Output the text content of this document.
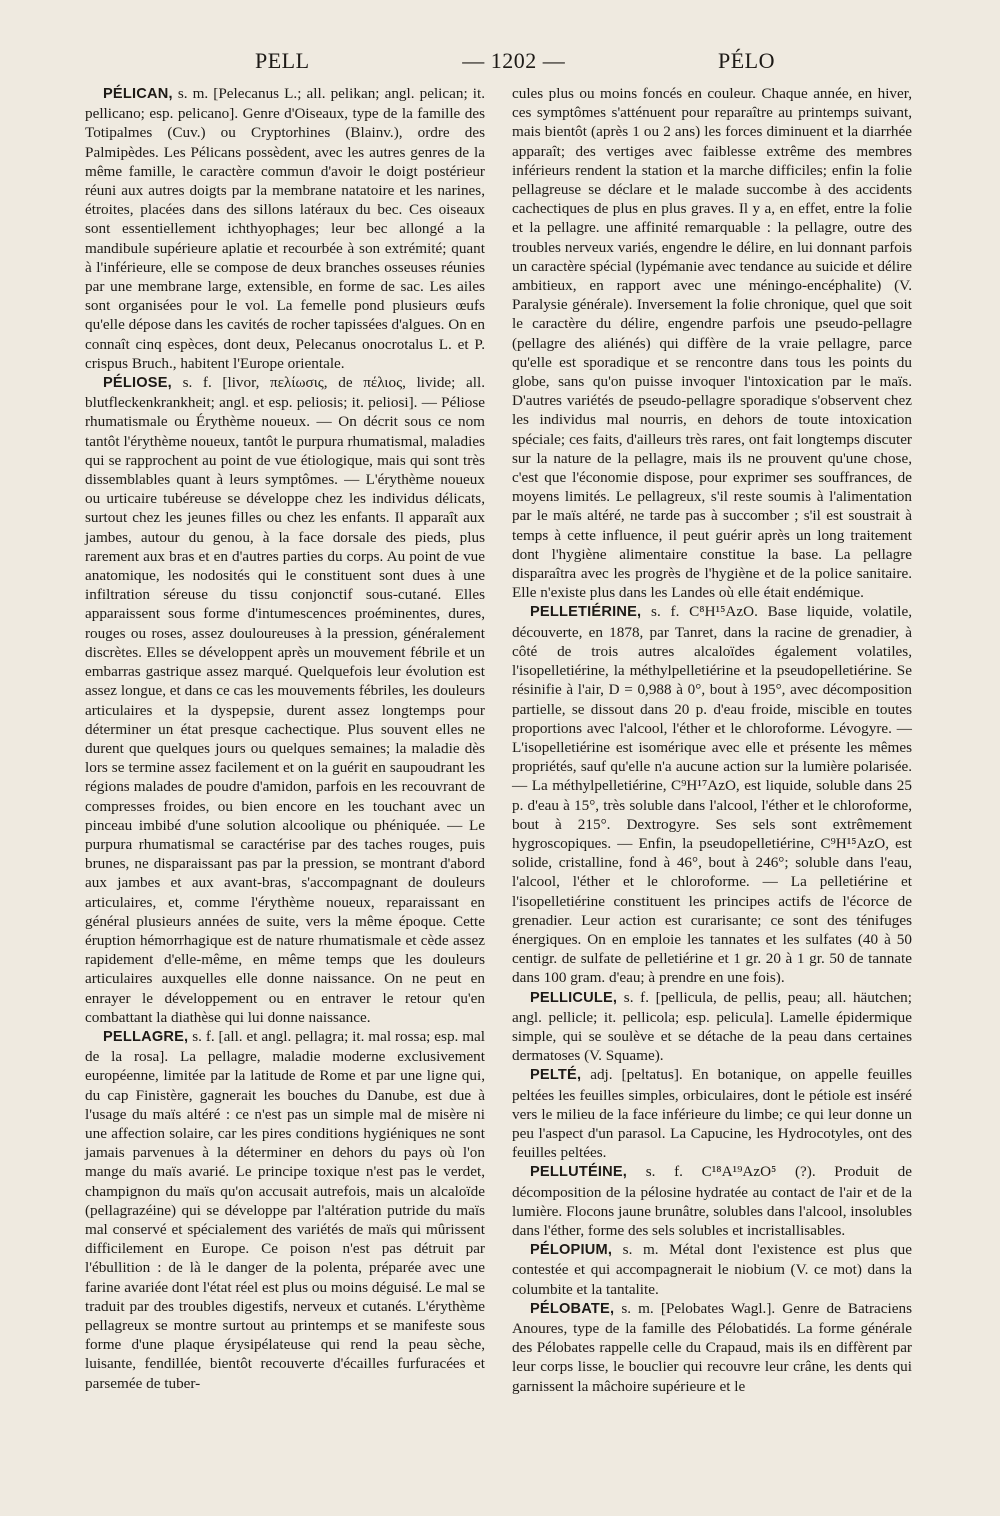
PELL	— 1202 —	PÉLO

PÉLICAN, s. m. [Pelecanus L.; all. pelikan; angl. pelican; it. pellicano; esp. pelicano]. Genre d'Oiseaux, type de la famille des Totipalmes (Cuv.) ou Cryptorhines (Blainv.), ordre des Palmipèdes. Les Pélicans possèdent, avec les autres genres de la même famille, le caractère commun d'avoir le doigt postérieur réuni aux autres doigts par la membrane natatoire et les narines, étroites, placées dans des sillons latéraux du bec. Ces oiseaux sont essentiellement ichthyophages; leur bec allongé a la mandibule supérieure aplatie et recourbée à son extrémité; quant à l'inférieure, elle se compose de deux branches osseuses réunies par une membrane large, extensible, en forme de sac. Les ailes sont organisées pour le vol. La femelle pond plusieurs œufs qu'elle dépose dans les cavités de rocher tapissées d'algues. On en connaît cinq espèces, dont deux, Pelecanus onocrotalus L. et P. crispus Bruch., habitent l'Europe orientale.

PÉLIOSE, s. f. [livor, πελίωσις, de πέλιος, livide; all. blutfleckenkrankheit; angl. et esp. peliosis; it. peliosi]. — Péliose rhumatismale ou Érythème noueux. — On décrit sous ce nom tantôt l'érythème noueux, tantôt le purpura rhumatismal, maladies qui se rapprochent au point de vue étiologique, mais qui sont très dissemblables quant à leurs symptômes. — L'érythème noueux ou urticaire tubéreuse se développe chez les individus délicats, surtout chez les jeunes filles ou chez les enfants. Il apparaît aux jambes, autour du genou, à la face dorsale des pieds, plus rarement aux bras et en d'autres parties du corps. Au point de vue anatomique, les nodosités qui le constituent sont dues à une infiltration séreuse du tissu conjonctif sous-cutané. Elles apparaissent sous forme d'intumescences proéminentes, dures, rouges ou roses, assez douloureuses à la pression, généralement discrètes. Elles se développent après un mouvement fébrile et un embarras gastrique assez marqué. Quelquefois leur évolution est assez longue, et dans ce cas les mouvements fébriles, les douleurs articulaires et la dyspepsie, durent assez longtemps pour déterminer un état presque cachectique. Plus souvent elles ne durent que quelques jours ou quelques semaines; la maladie dès lors se termine assez facilement et on la guérit en saupoudrant les régions malades de poudre d'amidon, parfois en les recouvrant de compresses froides, ou bien encore en les touchant avec un pinceau imbibé d'une solution alcoolique ou phéniquée. — Le purpura rhumatismal se caractérise par des taches rouges, puis brunes, ne disparaissant pas par la pression, se montrant d'abord aux jambes et aux avant-bras, s'accompagnant de douleurs articulaires, et, comme l'érythème noueux, reparaissant en général plusieurs années de suite, vers la même époque. Cette éruption hémorrhagique est de nature rhumatismale et cède assez rapidement d'elle-même, en même temps que les douleurs articulaires auxquelles elle donne naissance. On ne peut en enrayer le développement ou en entraver le retour qu'en combattant la diathèse qui lui donne naissance.

PELLAGRE, s. f. [all. et angl. pellagra; it. mal rossa; esp. mal de la rosa]. La pellagre, maladie moderne exclusivement européenne, limitée par la latitude de Rome et par une ligne qui, du cap Finistère, gagnerait les bouches du Danube, est due à l'usage du maïs altéré : ce n'est pas un simple mal de misère ni une affection solaire, car les pires conditions hygiéniques ne sont jamais parvenues à la déterminer en dehors du pays où l'on mange du maïs avarié. Le principe toxique n'est pas le verdet, champignon du maïs qu'on accusait autrefois, mais un alcaloïde (pellagrazéine) qui se développe par l'altération putride du maïs mal conservé et spécialement des variétés de maïs qui mûrissent difficilement en Europe. Ce poison n'est pas détruit par l'ébullition : de là le danger de la polenta, préparée avec une farine avariée dont l'état réel est plus ou moins déguisé. Le mal se traduit par des troubles digestifs, nerveux et cutanés. L'érythème pellagreux se montre surtout au printemps et se manifeste sous forme d'une plaque érysipélateuse qui rend la peau sèche, luisante, fendillée, bientôt recouverte d'écailles furfuracées et parsemée de tuber-

cules plus ou moins foncés en couleur. Chaque année, en hiver, ces symptômes s'atténuent pour reparaître au printemps suivant, mais bientôt (après 1 ou 2 ans) les forces diminuent et la diarrhée apparaît; des vertiges avec faiblesse extrême des membres inférieurs rendent la station et la marche difficiles; enfin la folie pellagreuse se déclare et le malade succombe à des accidents cachectiques de plus en plus graves. Il y a, en effet, entre la folie et la pellagre. une affinité remarquable : la pellagre, outre des troubles nerveux variés, engendre le délire, en lui donnant parfois un caractère spécial (lypémanie avec tendance au suicide et délire ambitieux, en rapport avec une méningo-encéphalite) (V. Paralysie générale). Inversement la folie chronique, quel que soit le caractère du délire, engendre parfois une pseudo-pellagre (pellagre des aliénés) qui diffère de la vraie pellagre, parce qu'elle est sporadique et se rencontre dans tous les points du globe, sans qu'on puisse invoquer l'intoxication par le maïs. D'autres variétés de pseudo-pellagre sporadique s'observent chez les individus mal nourris, en dehors de toute intoxication spéciale; ces faits, d'ailleurs très rares, ont fait longtemps discuter sur la nature de la pellagre, mais ils ne prouvent qu'une chose, c'est que l'économie dispose, pour exprimer ses souffrances, de moyens limités. Le pellagreux, s'il reste soumis à l'alimentation par le maïs altéré, ne tarde pas à succomber ; s'il est soustrait à temps à cette influence, il peut guérir après un long traitement dont l'hygiène alimentaire constitue la base. La pellagre disparaîtra avec les progrès de l'hygiène et de la police sanitaire. Elle n'existe plus dans les Landes où elle était endémique.

PELLETIÉRINE, s. f. C⁸H¹⁵AzO. Base liquide, volatile, découverte, en 1878, par Tanret, dans la racine de grenadier, à côté de trois autres alcaloïdes également volatiles, l'isopelletiérine, la méthylpelletiérine et la pseudopelletiérine. Se résinifie à l'air, D = 0,988 à 0°, bout à 195°, avec décomposition partielle, se dissout dans 20 p. d'eau froide, miscible en toutes proportions avec l'alcool, l'éther et le chloroforme. Lévogyre. — L'isopelletiérine est isomérique avec elle et présente les mêmes propriétés, sauf qu'elle n'a aucune action sur la lumière polarisée. — La méthylpelletiérine, C⁹H¹⁷AzO, est liquide, soluble dans 25 p. d'eau à 15°, très soluble dans l'alcool, l'éther et le chloroforme, bout à 215°. Dextrogyre. Ses sels sont extrêmement hygroscopiques. — Enfin, la pseudopelletiérine, C⁹H¹⁵AzO, est solide, cristalline, fond à 46°, bout à 246°; soluble dans l'eau, l'alcool, l'éther et le chloroforme. — La pelletiérine et l'isopelletiérine constituent les principes actifs de l'écorce de grenadier. Leur action est curarisante; ce sont des ténifuges énergiques. On en emploie les tannates et les sulfates (40 à 50 centigr. de sulfate de pelletiérine et 1 gr. 20 à 1 gr. 50 de tannate dans 100 gram. d'eau; à prendre en une fois).

PELLICULE, s. f. [pellicula, de pellis, peau; all. häutchen; angl. pellicle; it. pellicola; esp. pelicula]. Lamelle épidermique simple, qui se soulève et se détache de la peau dans certaines dermatoses (V. Squame).

PELTÉ, adj. [peltatus]. En botanique, on appelle feuilles peltées les feuilles simples, orbiculaires, dont le pétiole est inséré vers le milieu de la face inférieure du limbe; ce qui leur donne un peu l'aspect d'un parasol. La Capucine, les Hydrocotyles, ont des feuilles peltées.

PELLUTÉINE, s. f. C¹⁸A¹⁹AzO⁵ (?). Produit de décomposition de la pélosine hydratée au contact de l'air et de la lumière. Flocons jaune brunâtre, solubles dans l'alcool, insolubles dans l'éther, forme des sels solubles et incristallisables.

PÉLOPIUM, s. m. Métal dont l'existence est plus que contestée et qui accompagnerait le niobium (V. ce mot) dans la columbite et la tantalite.

PÉLOBATE, s. m. [Pelobates Wagl.]. Genre de Batraciens Anoures, type de la famille des Pélobatidés. La forme générale des Pélobates rappelle celle du Crapaud, mais ils en diffèrent par leur corps lisse, le bouclier qui recouvre leur crâne, les dents qui garnissent la mâchoire supérieure et le
